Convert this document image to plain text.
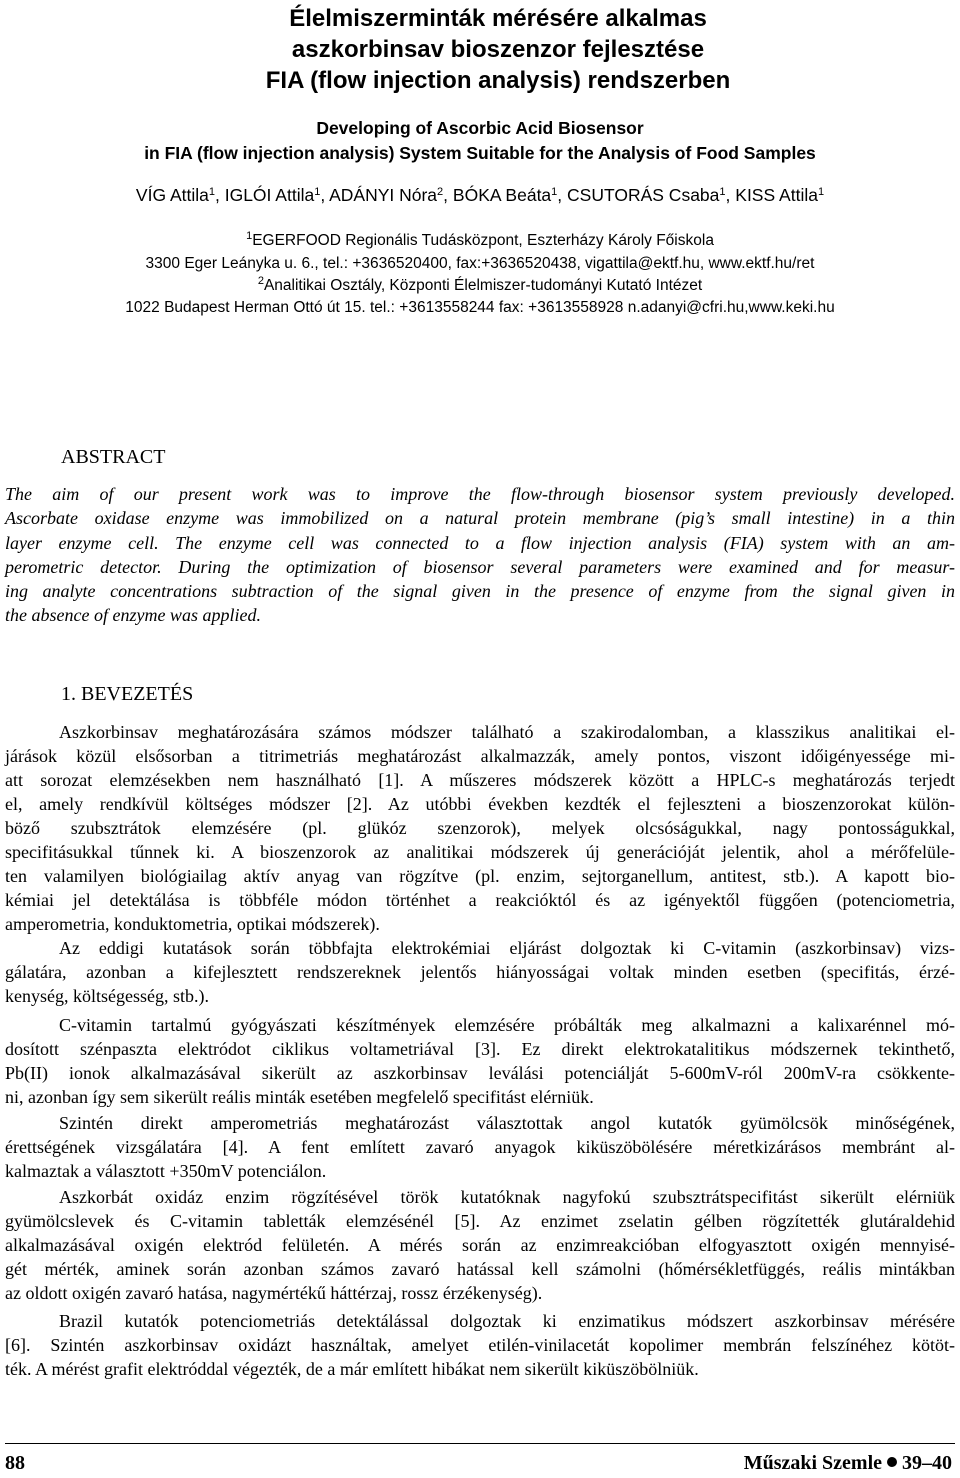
Élelmiszerminták mérésére alkalmas
aszkorbinsav bioszenzor fejlesztése
FIA (flow injection analysis) rendszerben
Developing of Ascorbic Acid Biosensor
in FIA (flow injection analysis) System Suitable for the Analysis of Food Samples
VÍG Attila$^1$, IGLÓI Attila$^1$, ADÁNYI Nóra$^2$, BÓKA Beáta$^1$, CSUTORÁS Csaba$^1$, KISS Attila$^1$
$^1$EGERFOOD Regionális Tudásközpont, Eszterházy Károly Főiskola
3300 Eger Leányka u. 6., tel.: +3636520400, fax:+3636520438, vigattila@ektf.hu, www.ektf.hu/ret
$^2$Analitikai Osztály, Központi Élelmiszer-tudományi Kutató Intézet
1022 Budapest Herman Ottó út 15. tel.: +3613558244 fax: +3613558928 n.adanyi@cfri.hu,www.keki.hu
ABSTRACT
The aim of our present work was to improve the flow-through biosensor system previously developed.
Ascorbate oxidase enzyme was immobilized on a natural protein membrane (pig’s small intestine) in a thin
layer enzyme cell. The enzyme cell was connected to a flow injection analysis (FIA) system with an am-
perometric detector. During the optimization of biosensor several parameters were examined and for measur-
ing analyte concentrations subtraction of the signal given in the presence of enzyme from the signal given in
the absence of enzyme was applied.
1. BEVEZETÉS
Aszkorbinsav meghatározására számos módszer található a szakirodalomban, a klasszikus analitikai el-
járások közül elsősorban a titrimetriás meghatározást alkalmazzák, amely pontos, viszont időigényessége mi-
att sorozat elemzésekben nem használható [1]. A műszeres módszerek között a HPLC-s meghatározás terjedt
el, amely rendkívül költséges módszer [2]. Az utóbbi években kezdték el fejleszteni a bioszenzorokat külön-
böző szubsztrátok elemzésére (pl. glükóz szenzorok), melyek olcsóságukkal, nagy pontosságukkal,
specifitásukkal tűnnek ki. A bioszenzorok az analitikai módszerek új generációját jelentik, ahol a mérőfelüle-
ten valamilyen biológiailag aktív anyag van rögzítve (pl. enzim, sejtorganellum, antitest, stb.). A kapott bio-
kémiai jel detektálása is többféle módon történhet a reakcióktól és az igényektől függően (potenciometria,
amperometria, konduktometria, optikai módszerek).
Az eddigi kutatások során többfajta elektrokémiai eljárást dolgoztak ki C-vitamin (aszkorbinsav) vizs-
gálatára, azonban a kifejlesztett rendszereknek jelentős hiányosságai voltak minden esetben (specifitás, érzé-
kenység, költségesség, stb.).
C-vitamin tartalmú gyógyászati készítmények elemzésére próbálták meg alkalmazni a kalixarénnel mó-
dosított szénpaszta elektródot ciklikus voltametriával [3]. Ez direkt elektrokatalitikus módszernek tekinthető,
Pb(II) ionok alkalmazásával sikerült az aszkorbinsav leválási potenciálját 5-600mV-ról 200mV-ra csökkente-
ni, azonban így sem sikerült reális minták esetében megfelelő specifitást elérniük.
Szintén direkt amperometriás meghatározást választottak angol kutatók gyümölcsök minőségének,
érettségének vizsgálatára [4]. A fent említett zavaró anyagok kiküszöbölésére méretkizárásos membránt al-
kalmaztak a választott +350mV potenciálon.
Aszkorbát oxidáz enzim rögzítésével török kutatóknak nagyfokú szubsztrátspecifitást sikerült elérniük
gyümölcslevek és C-vitamin tabletták elemzésénél [5]. Az enzimet zselatin gélben rögzítették glutáraldehid
alkalmazásával oxigén elektród felületén. A mérés során az enzimreakcióban elfogyasztott oxigén mennyisé-
gét mérték, aminek során azonban számos zavaró hatással kell számolni (hőmérsékletfüggés, reális mintákban
az oldott oxigén zavaró hatása, nagymértékű háttérzaj, rossz érzékenység).
Brazil kutatók potenciometriás detektálással dolgoztak ki enzimatikus módszert aszkorbinsav mérésére
[6]. Szintén aszkorbinsav oxidázt használtak, amelyet etilén-vinilacetát kopolimer membrán felszínéhez kötöt-
ték. A mérést grafit elektróddal végezték, de a már említett hibákat nem sikerült kiküszöbölniük.
88	Műszaki Szemle 39–40
